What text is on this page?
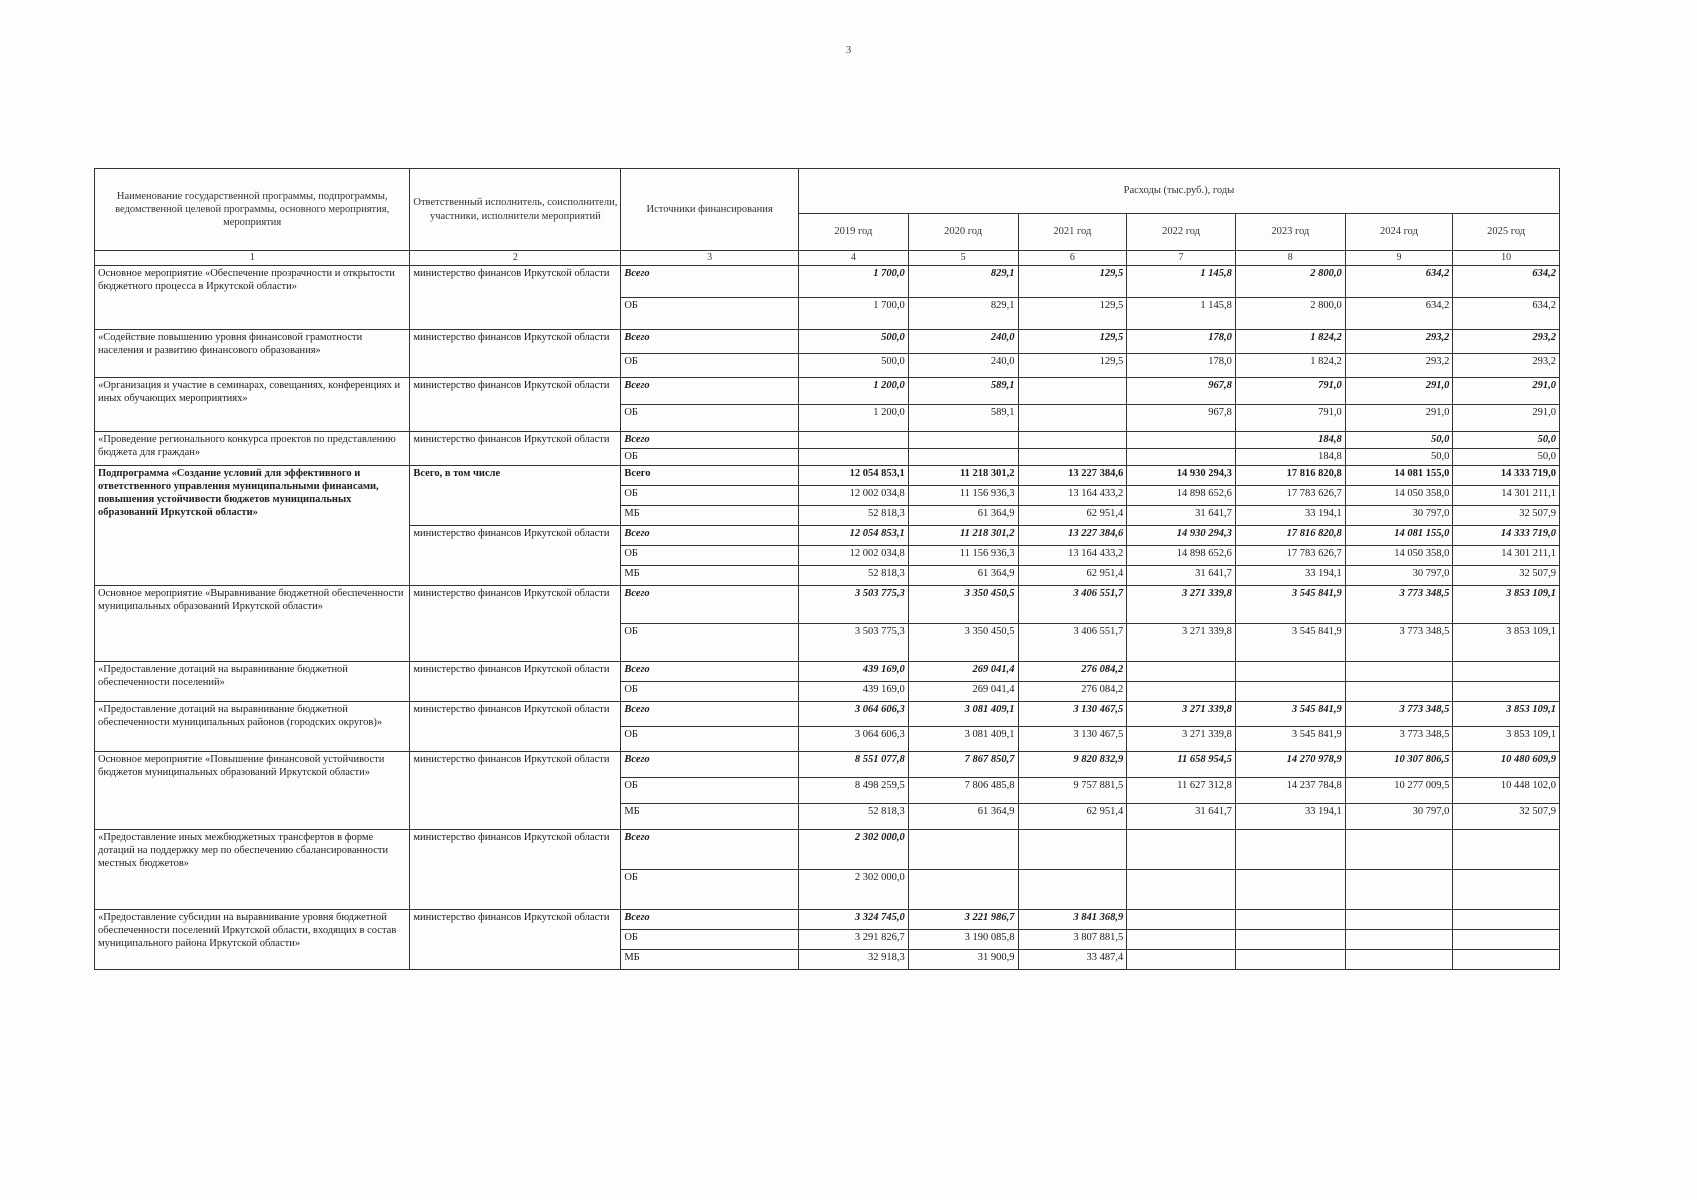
3
Наименование государственной программы, подпрограммы, ведомственной целевой программы, основного мероприятия, мероприятия	Ответственный исполнитель, соисполнители, участники, исполнители мероприятий	Источники финансирования	Расходы (тыс.руб.), годы						
			2019 год	2020 год	2021 год	2022 год	2023 год	2024 год	2025 год
1	2	3	4	5	6	7	8	9	10
Основное мероприятие «Обеспечение прозрачности и открытости бюджетного процесса в Иркутской области»	министерство финансов Иркутской области	Всего	1 700,0	829,1	129,5	1 145,8	2 800,0	634,2	634,2
		ОБ	1 700,0	829,1	129,5	1 145,8	2 800,0	634,2	634,2
«Содействие повышению уровня финансовой грамотности населения и развитию финансового образования»	министерство финансов Иркутской области	Всего	500,0	240,0	129,5	178,0	1 824,2	293,2	293,2
		ОБ	500,0	240,0	129,5	178,0	1 824,2	293,2	293,2
«Организация и участие в семинарах, совещаниях, конференциях и иных обучающих мероприятиях»	министерство финансов Иркутской области	Всего	1 200,0	589,1		967,8	791,0	291,0	291,0
		ОБ	1 200,0	589,1		967,8	791,0	291,0	291,0
«Проведение регионального конкурса проектов по представлению бюджета для граждан»	министерство финансов Иркутской области	Всего					184,8	50,0	50,0
		ОБ					184,8	50,0	50,0
Подпрограмма «Создание условий для эффективного и ответственного управления муниципальными финансами, повышения устойчивости бюджетов муниципальных образований Иркутской области»	Всего, в том числе	Всего	12 054 853,1	11 218 301,2	13 227 384,6	14 930 294,3	17 816 820,8	14 081 155,0	14 333 719,0
		ОБ	12 002 034,8	11 156 936,3	13 164 433,2	14 898 652,6	17 783 626,7	14 050 358,0	14 301 211,1
		МБ	52 818,3	61 364,9	62 951,4	31 641,7	33 194,1	30 797,0	32 507,9
	министерство финансов Иркутской области	Всего	12 054 853,1	11 218 301,2	13 227 384,6	14 930 294,3	17 816 820,8	14 081 155,0	14 333 719,0
		ОБ	12 002 034,8	11 156 936,3	13 164 433,2	14 898 652,6	17 783 626,7	14 050 358,0	14 301 211,1
		МБ	52 818,3	61 364,9	62 951,4	31 641,7	33 194,1	30 797,0	32 507,9
Основное мероприятие «Выравнивание бюджетной обеспеченности муниципальных образований Иркутской области»	министерство финансов Иркутской области	Всего	3 503 775,3	3 350 450,5	3 406 551,7	3 271 339,8	3 545 841,9	3 773 348,5	3 853 109,1
		ОБ	3 503 775,3	3 350 450,5	3 406 551,7	3 271 339,8	3 545 841,9	3 773 348,5	3 853 109,1
«Предоставление дотаций на выравнивание бюджетной обеспеченности поселений»	министерство финансов Иркутской области	Всего	439 169,0	269 041,4	276 084,2				
		ОБ	439 169,0	269 041,4	276 084,2				
«Предоставление дотаций на выравнивание бюджетной обеспеченности муниципальных районов (городских округов)»	министерство финансов Иркутской области	Всего	3 064 606,3	3 081 409,1	3 130 467,5	3 271 339,8	3 545 841,9	3 773 348,5	3 853 109,1
		ОБ	3 064 606,3	3 081 409,1	3 130 467,5	3 271 339,8	3 545 841,9	3 773 348,5	3 853 109,1
Основное мероприятие «Повышение финансовой устойчивости бюджетов муниципальных образований Иркутской области»	министерство финансов Иркутской области	Всего	8 551 077,8	7 867 850,7	9 820 832,9	11 658 954,5	14 270 978,9	10 307 806,5	10 480 609,9
		ОБ	8 498 259,5	7 806 485,8	9 757 881,5	11 627 312,8	14 237 784,8	10 277 009,5	10 448 102,0
		МБ	52 818,3	61 364,9	62 951,4	31 641,7	33 194,1	30 797,0	32 507,9
«Предоставление иных межбюджетных трансфертов в форме дотаций на поддержку мер по обеспечению сбалансированности местных бюджетов»	министерство финансов Иркутской области	Всего	2 302 000,0						
		ОБ	2 302 000,0						
«Предоставление субсидии на выравнивание уровня бюджетной обеспеченности поселений Иркутской области, входящих в состав муниципального района Иркутской области»	министерство финансов Иркутской области	Всего	3 324 745,0	3 221 986,7	3 841 368,9				
		ОБ	3 291 826,7	3 190 085,8	3 807 881,5				
		МБ	32 918,3	31 900,9	33 487,4				
